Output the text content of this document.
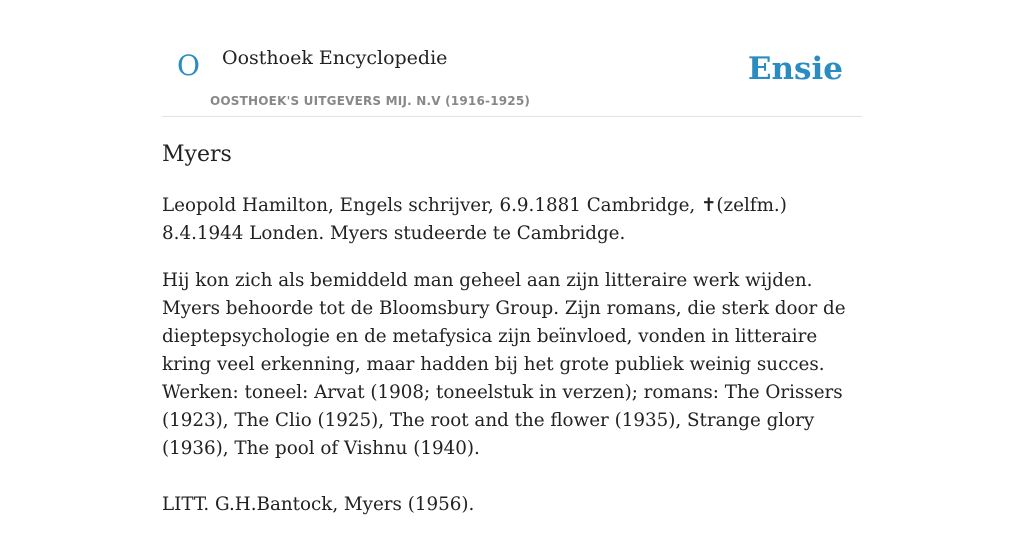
O Oosthoek Encyclopedie
OOSTHOEK'S UITGEVERS MIJ. N.V (1916-1925)
Ensie
Myers

Leopold Hamilton, Engels schrijver, 6.9.1881 Cambridge, ✝(zelfm.) 8.4.1944 Londen. Myers studeerde te Cambridge.

Hij kon zich als bemiddeld man geheel aan zijn litteraire werk wijden. Myers behoorde tot de Bloomsbury Group. Zijn romans, die sterk door de dieptepsychologie en de metafysica zijn beïnvloed, vonden in litteraire kring veel erkenning, maar hadden bij het grote publiek weinig succes. Werken: toneel: Arvat (1908; toneelstuk in verzen); romans: The Orissers (1923), The Clio (1925), The root and the flower (1935), Strange glory (1936), The pool of Vishnu (1940).

LITT. G.H.Bantock, Myers (1956).
